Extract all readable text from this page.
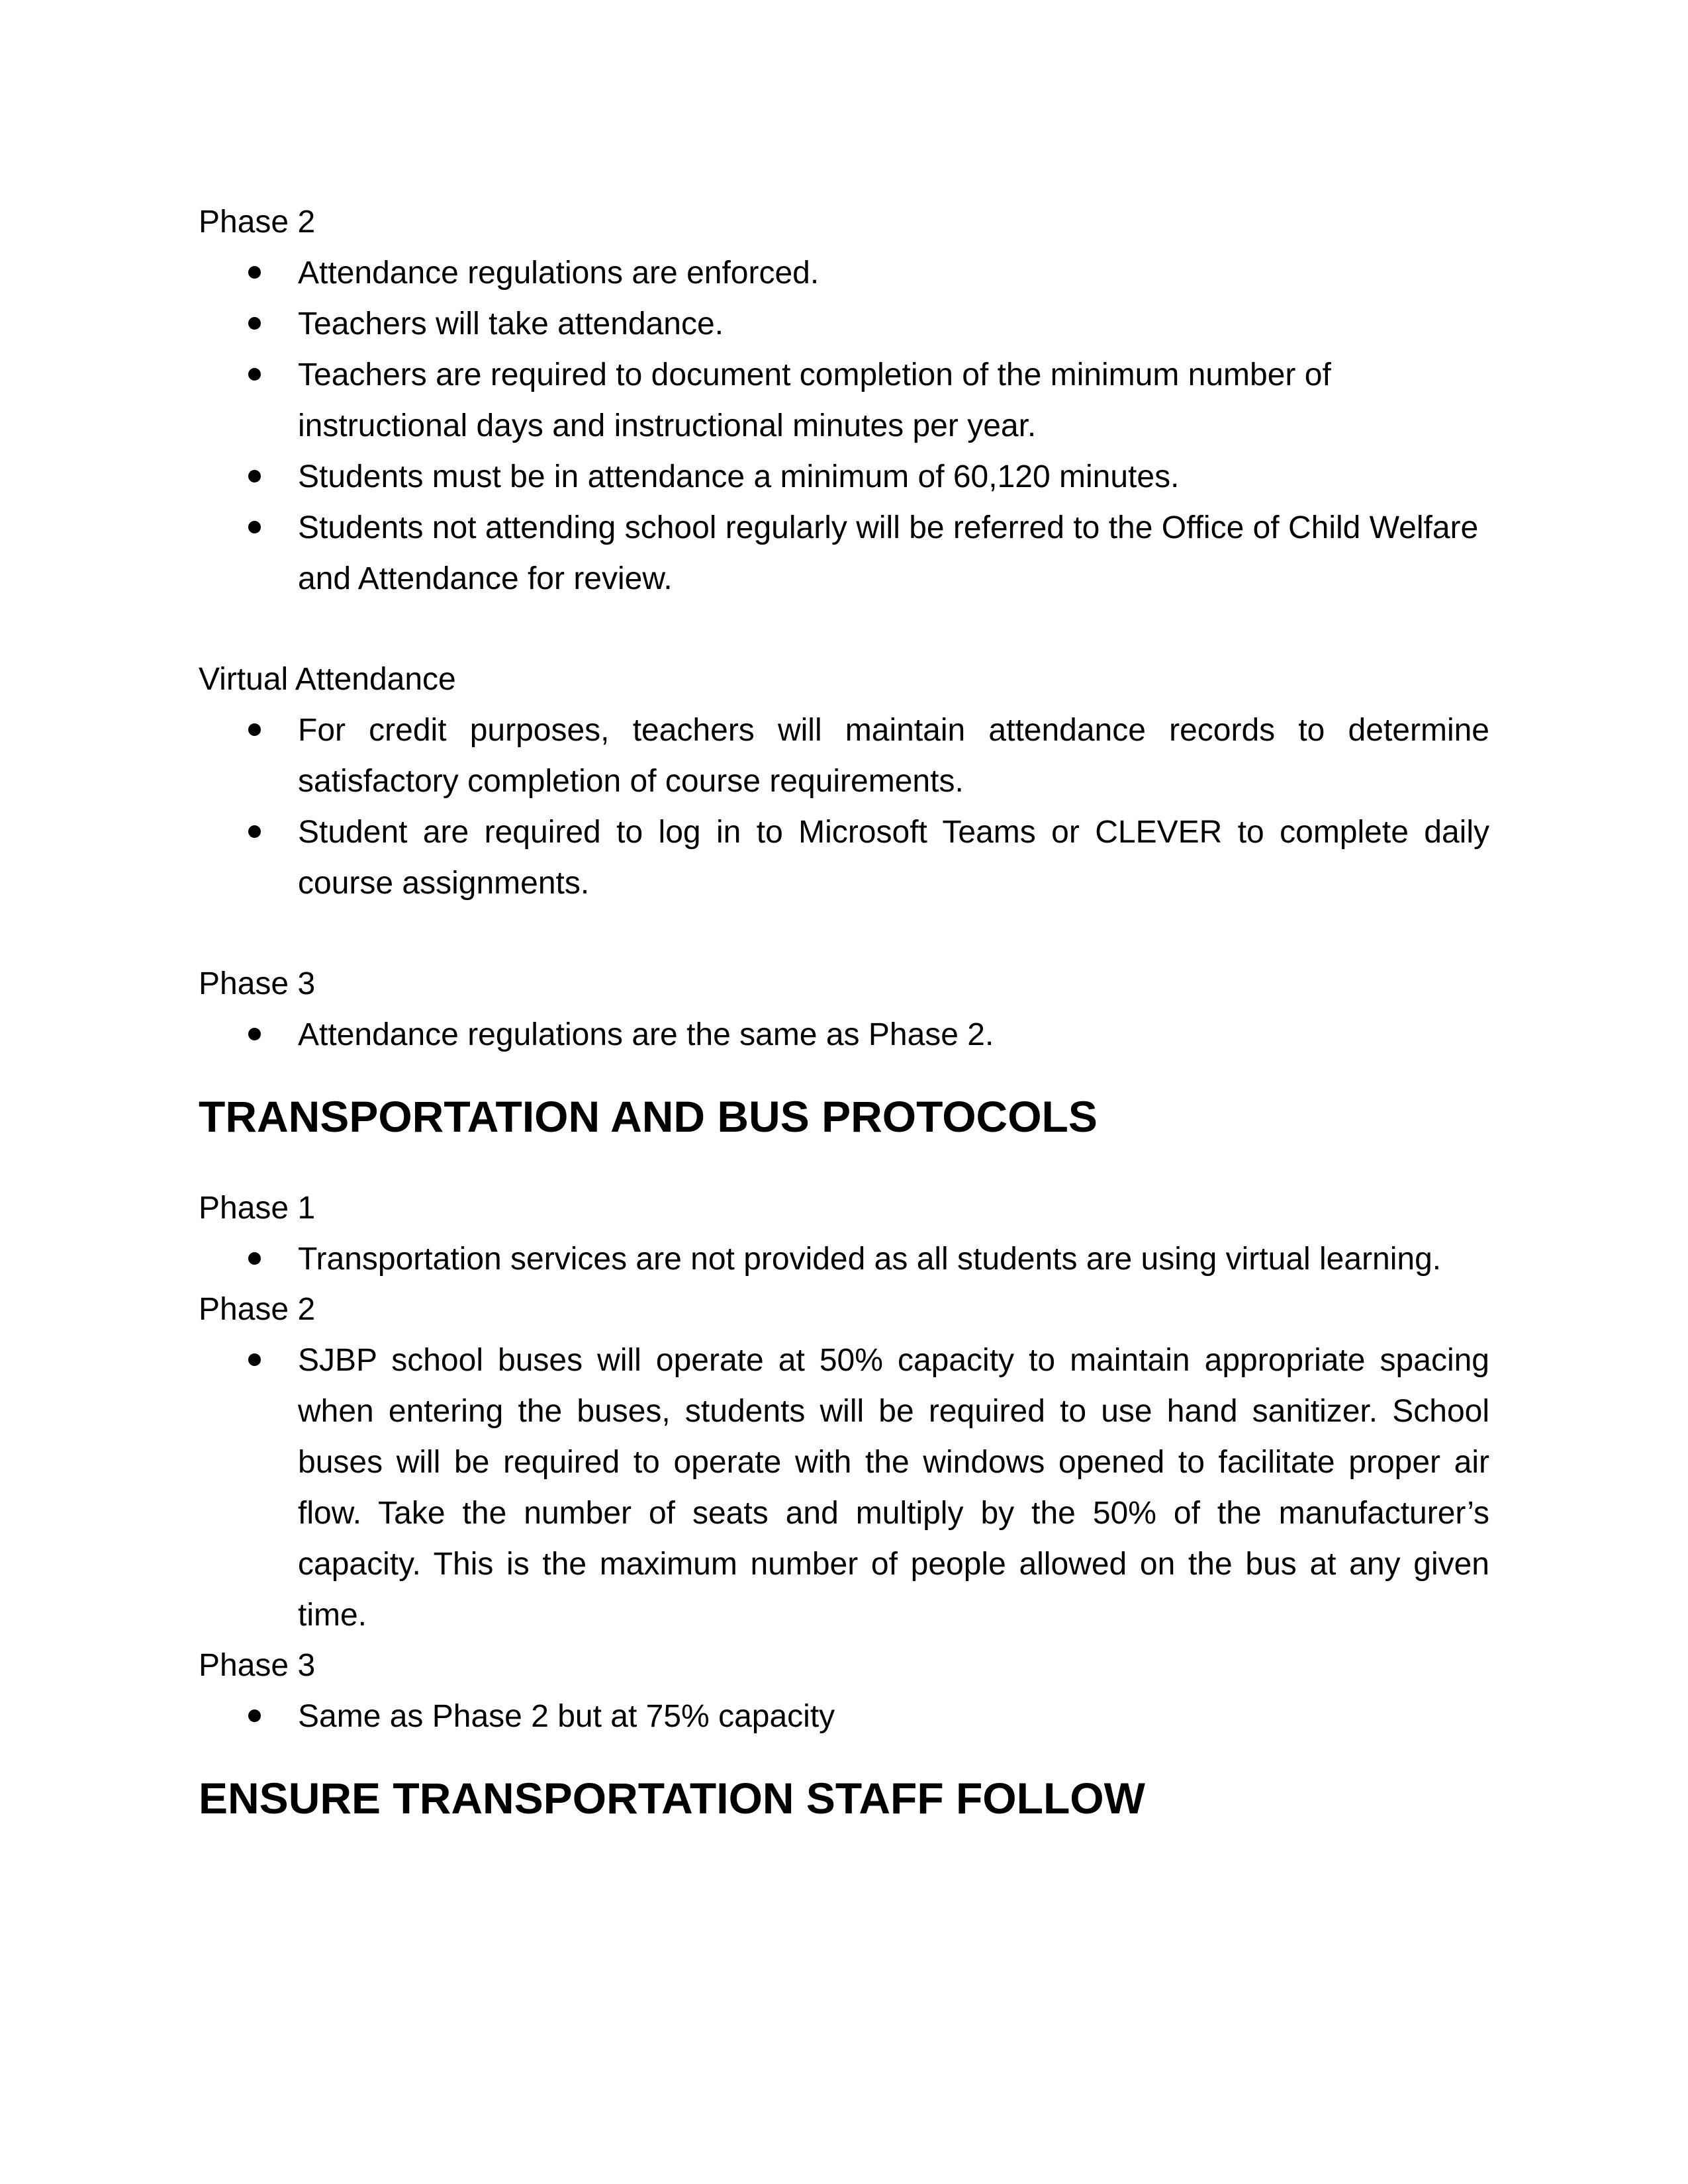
Phase 2
Attendance regulations are enforced.
Teachers will take attendance.
Teachers are required to document completion of the minimum number of instructional days and instructional minutes per year.
Students must be in attendance a minimum of 60,120 minutes.
Students not attending school regularly will be referred to the Office of Child Welfare and Attendance for review.
Virtual Attendance
For credit purposes, teachers will maintain attendance records to determine satisfactory completion of course requirements.
Student are required to log in to Microsoft Teams or CLEVER to complete daily course assignments.
Phase 3
Attendance regulations are the same as Phase 2.
TRANSPORTATION AND BUS PROTOCOLS
Phase 1
Transportation services are not provided as all students are using virtual learning.
Phase 2
SJBP school buses will operate at 50% capacity to maintain appropriate spacing when entering the buses, students will be required to use hand sanitizer. School buses will be required to operate with the windows opened to facilitate proper air flow. Take the number of seats and multiply by the 50% of the manufacturer’s capacity. This is the maximum number of people allowed on the bus at any given time.
Phase 3
Same as Phase 2 but at 75% capacity
ENSURE TRANSPORTATION STAFF FOLLOW
